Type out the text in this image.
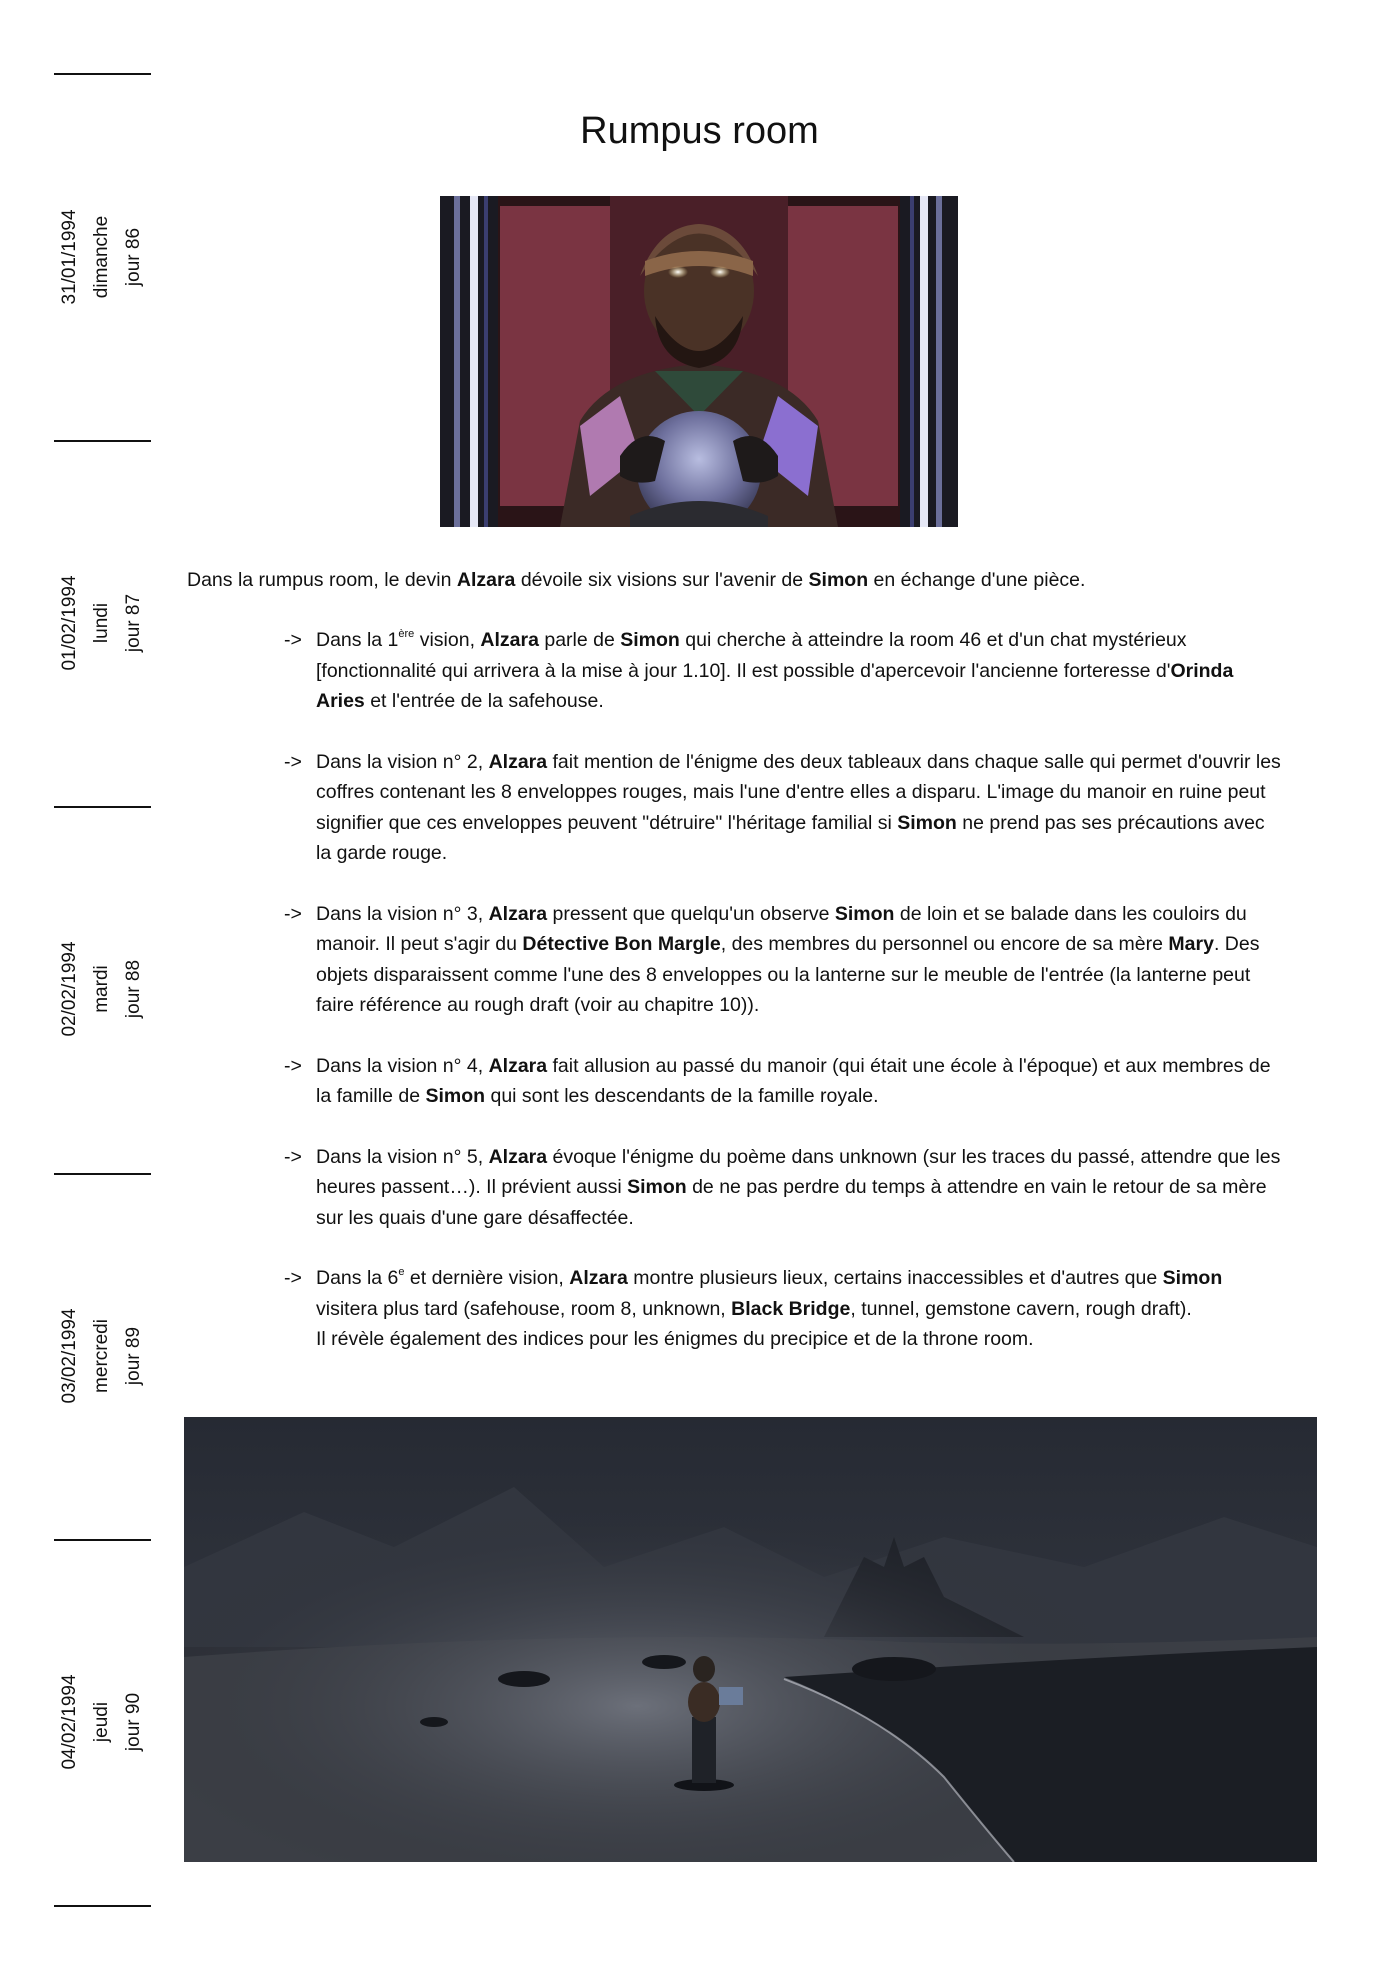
31/01/1994 dimanche jour 86
01/02/1994 lundi jour 87
02/02/1994 mardi jour 88
03/02/1994 mercredi jour 89
04/02/1994 jeudi jour 90
Rumpus room
Dans la rumpus room, le devin Alzara dévoile six visions sur l'avenir de Simon en échange d'une pièce.
-> Dans la 1ère vision, Alzara parle de Simon qui cherche à atteindre la room 46 et d'un chat mystérieux [fonctionnalité qui arrivera à la mise à jour 1.10]. Il est possible d'apercevoir l'ancienne forteresse d'Orinda Aries et l'entrée de la safehouse.
-> Dans la vision n° 2, Alzara fait mention de l'énigme des deux tableaux dans chaque salle qui permet d'ouvrir les coffres contenant les 8 enveloppes rouges, mais l'une d'entre elles a disparu. L'image du manoir en ruine peut signifier que ces enveloppes peuvent "détruire" l'héritage familial si Simon ne prend pas ses précautions avec la garde rouge.
-> Dans la vision n° 3, Alzara pressent que quelqu'un observe Simon de loin et se balade dans les couloirs du manoir. Il peut s'agir du Détective Bon Margle, des membres du personnel ou encore de sa mère Mary. Des objets disparaissent comme l'une des 8 enveloppes ou la lanterne sur le meuble de l'entrée (la lanterne peut faire référence au rough draft (voir au chapitre 10)).
-> Dans la vision n° 4, Alzara fait allusion au passé du manoir (qui était une école à l'époque) et aux membres de la famille de Simon qui sont les descendants de la famille royale.
-> Dans la vision n° 5, Alzara évoque l'énigme du poème dans unknown (sur les traces du passé, attendre que les heures passent…). Il prévient aussi Simon de ne pas perdre du temps à attendre en vain le retour de sa mère sur les quais d'une gare désaffectée.
-> Dans la 6e et dernière vision, Alzara montre plusieurs lieux, certains inaccessibles et d'autres que Simon visitera plus tard (safehouse, room 8, unknown, Black Bridge, tunnel, gemstone cavern, rough draft).
Il révèle également des indices pour les énigmes du precipice et de la throne room.
